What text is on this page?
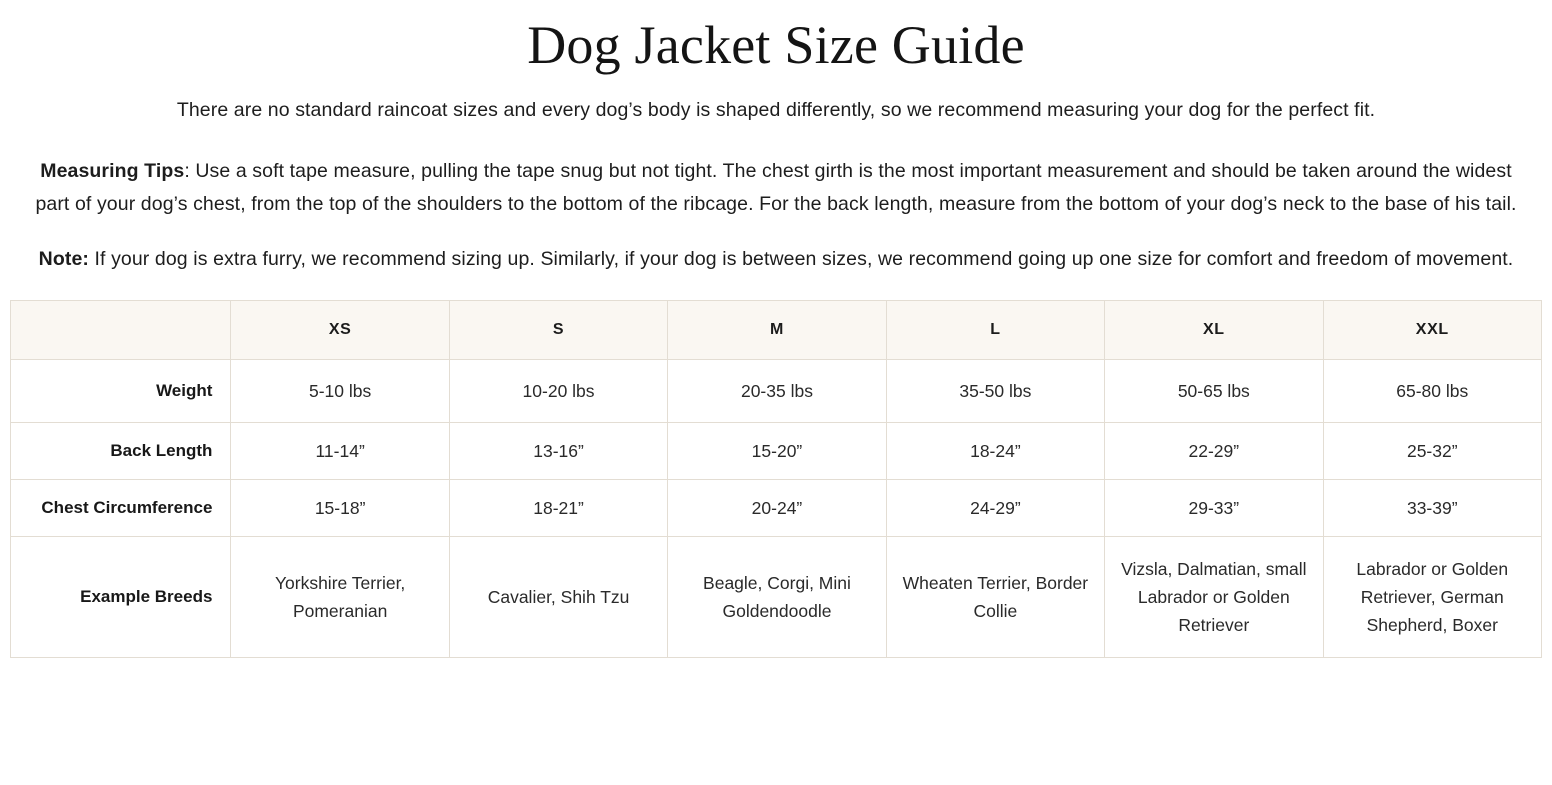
Dog Jacket Size Guide

There are no standard raincoat sizes and every dog’s body is shaped differently, so we recommend measuring your dog for the perfect fit.

Measuring Tips: Use a soft tape measure, pulling the tape snug but not tight. The chest girth is the most important measurement and should be taken around the widest part of your dog’s chest, from the top of the shoulders to the bottom of the ribcage. For the back length, measure from the bottom of your dog’s neck to the base of his tail.

Note: If your dog is extra furry, we recommend sizing up. Similarly, if your dog is between sizes, we recommend going up one size for comfort and freedom of movement.

	XS	S	M	L	XL	XXL
Weight	5-10 lbs	10-20 lbs	20-35 lbs	35-50 lbs	50-65 lbs	65-80 lbs
Back Length	11-14”	13-16”	15-20”	18-24”	22-29”	25-32”
Chest Circumference	15-18”	18-21”	20-24”	24-29”	29-33”	33-39”
Example Breeds	Yorkshire Terrier, Pomeranian	Cavalier, Shih Tzu	Beagle, Corgi, Mini Goldendoodle	Wheaten Terrier, Border Collie	Vizsla, Dalmatian, small Labrador or Golden Retriever	Labrador or Golden Retriever, German Shepherd, Boxer
